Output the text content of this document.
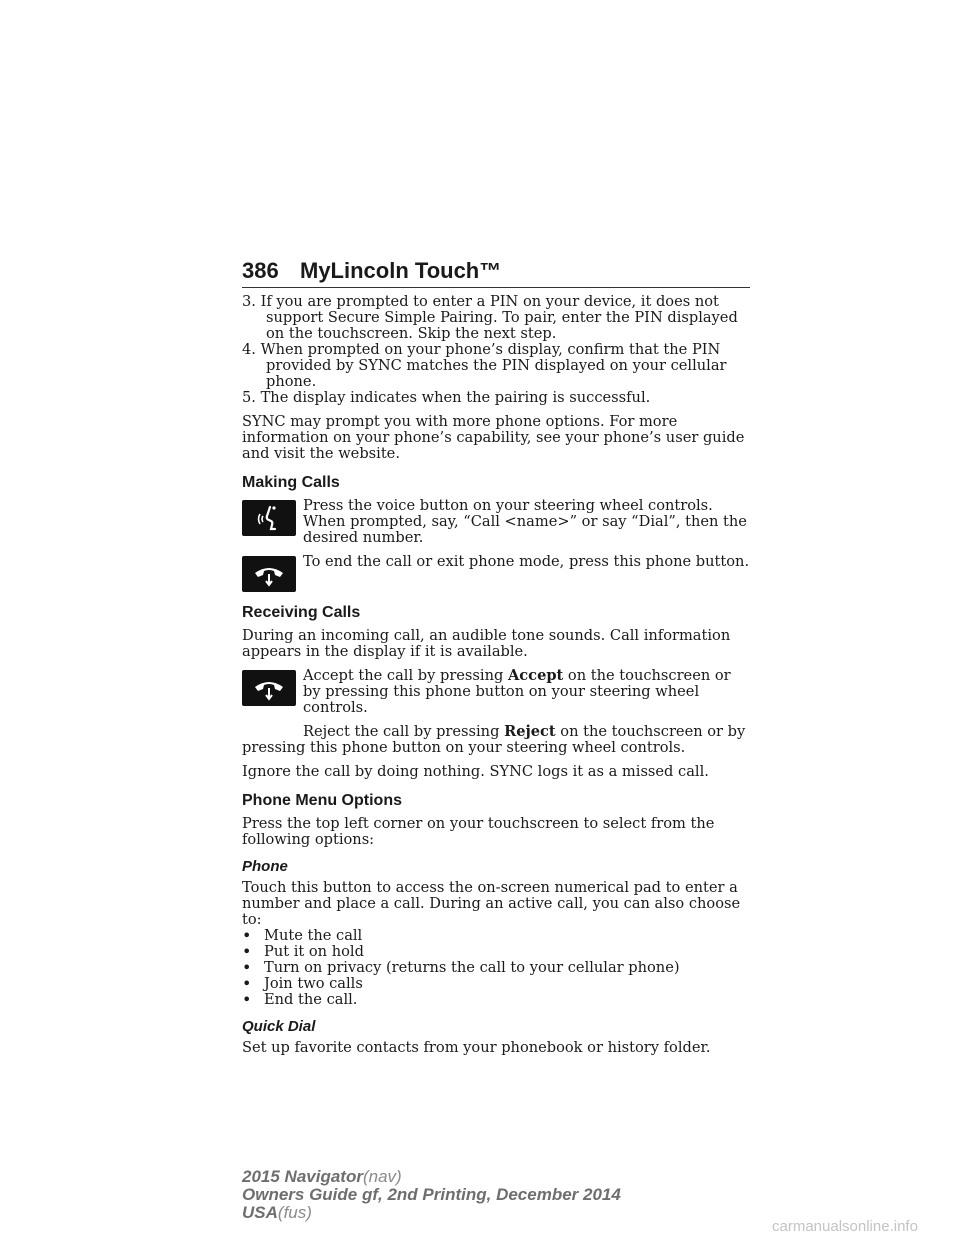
386 MyLincoln Touch™

3. If you are prompted to enter a PIN on your device, it does not support Secure Simple Pairing. To pair, enter the PIN displayed on the touchscreen. Skip the next step.

4. When prompted on your phone’s display, confirm that the PIN provided by SYNC matches the PIN displayed on your cellular phone.

5. The display indicates when the pairing is successful.

SYNC may prompt you with more phone options. For more information on your phone’s capability, see your phone’s user guide and visit the website.

Making Calls
Press the voice button on your steering wheel controls. When prompted, say, “Call <name>” or say “Dial”, then the desired number.
To end the call or exit phone mode, press this phone button.
Receiving Calls

During an incoming call, an audible tone sounds. Call information appears in the display if it is available.

Accept the call by pressing Accept on the touchscreen or by pressing this phone button on your steering wheel controls.

Reject the call by pressing Reject on the touchscreen or by pressing this phone button on your steering wheel controls.

Ignore the call by doing nothing. SYNC logs it as a missed call.

Phone Menu Options

Press the top left corner on your touchscreen to select from the following options:

Phone

Touch this button to access the on-screen numerical pad to enter a number and place a call. During an active call, you can also choose to:

• Mute the call
• Put it on hold
• Turn on privacy (returns the call to your cellular phone)
• Join two calls
• End the call.
Quick Dial

Set up favorite contacts from your phonebook or history folder.

2015 Navigator(nav)
Owners Guide gf, 2nd Printing, December 2014
USA(fus)
carmanualsonline.info
